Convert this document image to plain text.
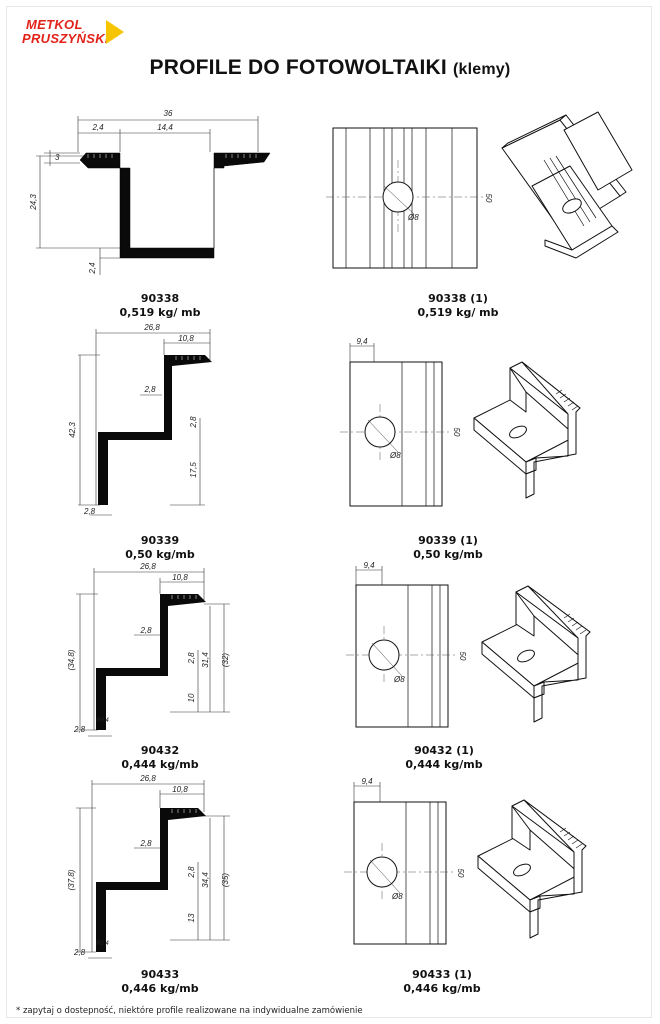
METKOL
PRUSZYŃSKI
PROFILE DO FOTOWOLTAIKI (klemy)
36
2,4	14,4
3
24,3
2,4
90338
0,519 kg/ mb
Ø8
50
90338 (1)
0,519 kg/ mb
26,8
10,8
42,3
2,8
2,8
17,5
2,8
90339
0,50 kg/mb
9,4
Ø8
50
90339 (1)
0,50 kg/mb
26,8
10,8
(34,8)
2,8
2,8 31,4 (32)
10
R0,4
2,8
90432
0,444 kg/mb
9,4
Ø8
50
90432 (1)
0,444 kg/mb
26,8
10,8
(37,8)
2,8
2,8
34,4 (35)
13
R0,4
2,8
90433
0,446 kg/mb
9,4
Ø8
50
90433 (1)
0,446 kg/mb
* zapytaj o dostepność, niektóre profile realizowane na indywidualne zamówienie
